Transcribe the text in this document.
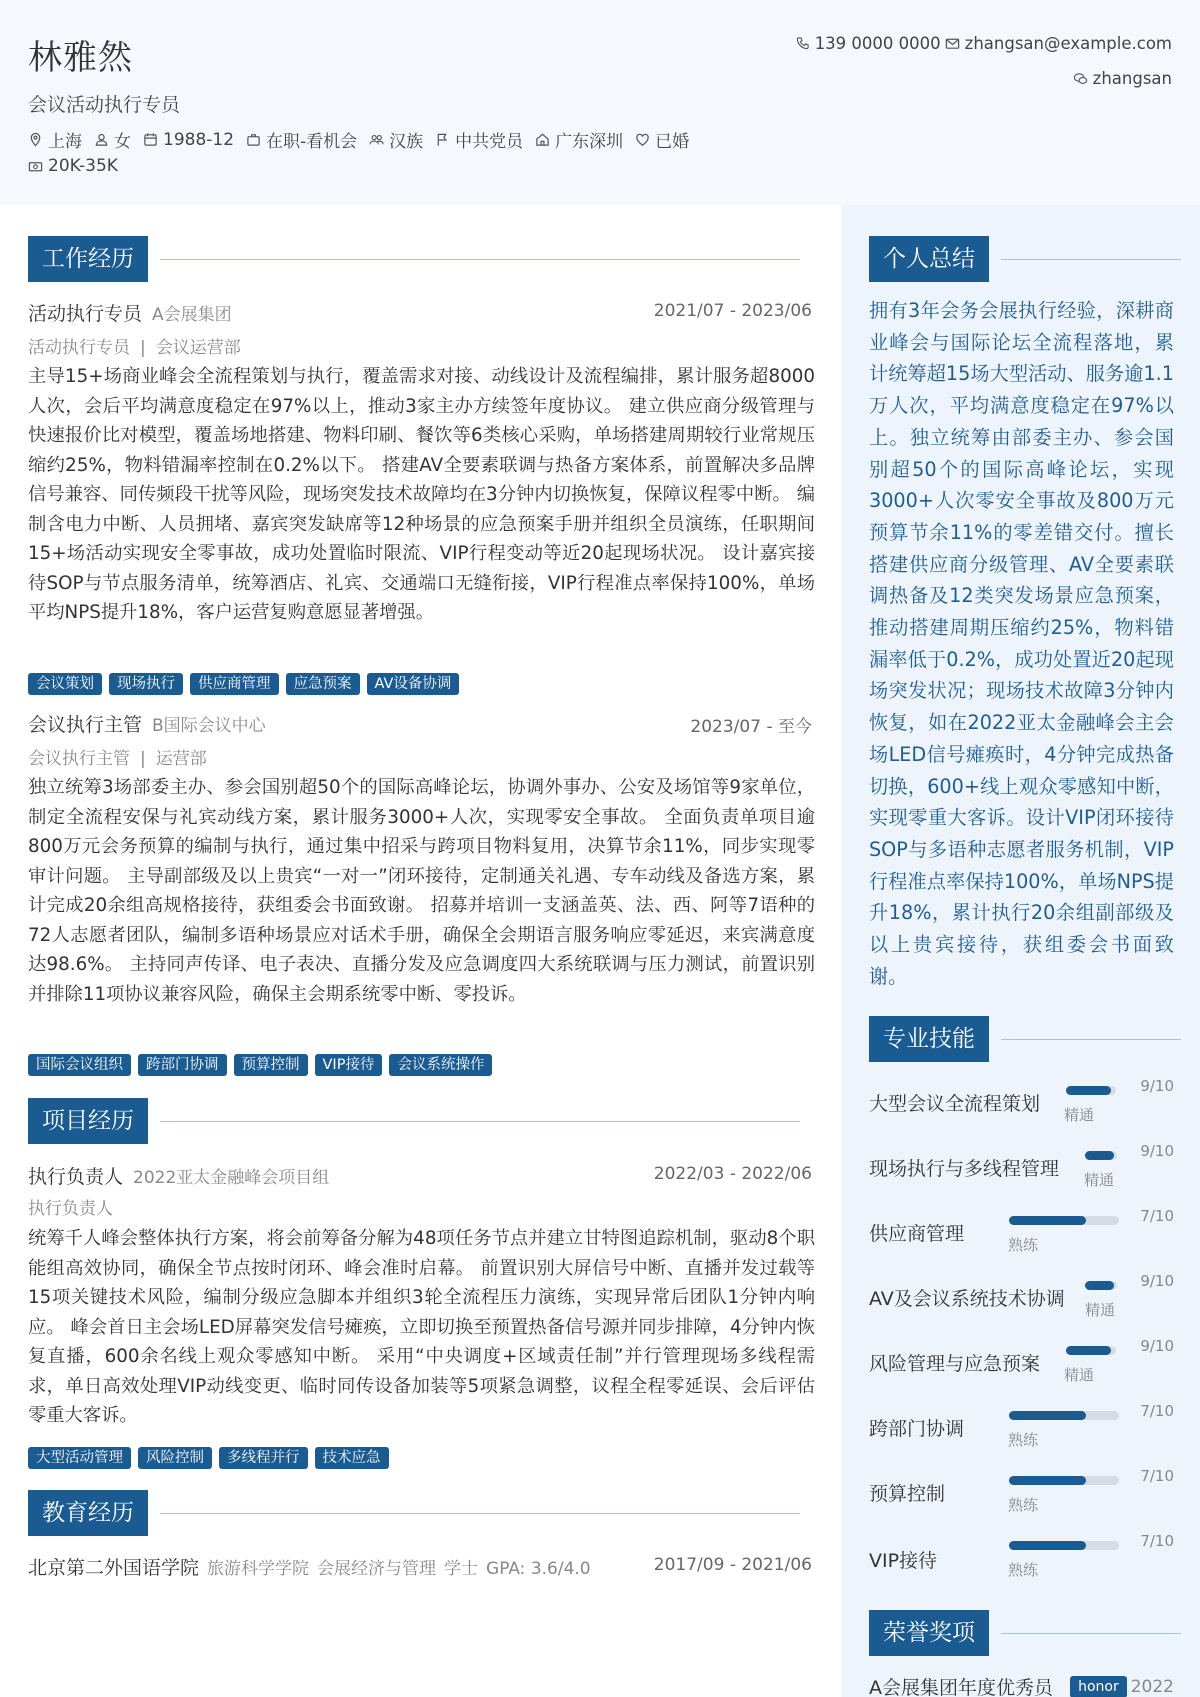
林雅然
会议活动执行专员
上海 女 1988-12 在职-看机会 汉族 中共党员 广东深圳 已婚
20K-35K
139 0000 0000 zhangsan@example.com
zhangsan
工作经历
活动执行专员 A会展集团	2021/07 - 2023/06
活动执行专员 | 会议运营部
主导15+场商业峰会全流程策划与执行，覆盖需求对接、动线设计及流程编排，累计服务超8000人次，会后平均满意度稳定在97%以上，推动3家主办方续签年度协议。 建立供应商分级管理与快速报价比对模型，覆盖场地搭建、物料印刷、餐饮等6类核心采购，单场搭建周期较行业常规压缩约25%，物料错漏率控制在0.2%以下。 搭建AV全要素联调与热备方案体系，前置解决多品牌信号兼容、同传频段干扰等风险，现场突发技术故障均在3分钟内切换恢复，保障议程零中断。 编制含电力中断、人员拥堵、嘉宾突发缺席等12种场景的应急预案手册并组织全员演练，任职期间15+场活动实现安全零事故，成功处置临时限流、VIP行程变动等近20起现场状况。 设计嘉宾接待SOP与节点服务清单，统筹酒店、礼宾、交通端口无缝衔接，VIP行程准点率保持100%，单场平均NPS提升18%，客户运营复购意愿显著增强。
会议策划	现场执行	供应商管理	应急预案	AV设备协调
会议执行主管 B国际会议中心	2023/07 - 至今
会议执行主管 | 运营部
独立统筹3场部委主办、参会国别超50个的国际高峰论坛，协调外事办、公安及场馆等9家单位，制定全流程安保与礼宾动线方案，累计服务3000+人次，实现零安全事故。 全面负责单项目逾800万元会务预算的编制与执行，通过集中招采与跨项目物料复用，决算节余11%，同步实现零审计问题。 主导副部级及以上贵宾“一对一”闭环接待，定制通关礼遇、专车动线及备选方案，累计完成20余组高规格接待，获组委会书面致谢。 招募并培训一支涵盖英、法、西、阿等7语种的72人志愿者团队，编制多语种场景应对话术手册，确保全会期语言服务响应零延迟，来宾满意度达98.6%。 主持同声传译、电子表决、直播分发及应急调度四大系统联调与压力测试，前置识别并排除11项协议兼容风险，确保主会期系统零中断、零投诉。
国际会议组织	跨部门协调	预算控制	VIP接待	会议系统操作
项目经历
执行负责人 2022亚太金融峰会项目组	2022/03 - 2022/06
执行负责人
统筹千人峰会整体执行方案，将会前筹备分解为48项任务节点并建立甘特图追踪机制，驱动8个职能组高效协同，确保全节点按时闭环、峰会准时启幕。 前置识别大屏信号中断、直播并发过载等15项关键技术风险，编制分级应急脚本并组织3轮全流程压力演练，实现异常后团队1分钟内响应。 峰会首日主会场LED屏幕突发信号瘫痪，立即切换至预置热备信号源并同步排障，4分钟内恢复直播，600余名线上观众零感知中断。 采用“中央调度+区域责任制”并行管理现场多线程需求，单日高效处理VIP动线变更、临时同传设备加装等5项紧急调整，议程全程零延误、会后评估零重大客诉。
大型活动管理	风险控制	多线程并行	技术应急
教育经历
北京第二外国语学院 旅游科学学院 会展经济与管理 学士 GPA: 3.6/4.0	2017/09 - 2021/06
个人总结
拥有3年会务会展执行经验，深耕商业峰会与国际论坛全流程落地，累计统筹超15场大型活动、服务逾1.1万人次，平均满意度稳定在97%以上。独立统筹由部委主办、参会国别超50个的国际高峰论坛，实现3000+人次零安全事故及800万元预算节余11%的零差错交付。擅长搭建供应商分级管理、AV全要素联调热备及12类突发场景应急预案，推动搭建周期压缩约25%，物料错漏率低于0.2%，成功处置近20起现场突发状况；现场技术故障3分钟内恢复，如在2022亚太金融峰会主会场LED信号瘫痪时，4分钟完成热备切换，600+线上观众零感知中断，实现零重大客诉。设计VIP闭环接待SOP与多语种志愿者服务机制，VIP行程准点率保持100%，单场NPS提升18%，累计执行20余组副部级及以上贵宾接待，获组委会书面致谢。
专业技能
大型会议全流程策划 精通
9/10
现场执行与多线程管理 精通
9/10
供应商管理	熟练
7/10
AV及会议系统技术协调 精通
9/10
风险管理与应急预案 精通
9/10
跨部门协调	熟练
7/10
预算控制	熟练
7/10
VIP接待	熟练
7/10
荣誉奖项
A会展集团年度优秀员	honor 2022
